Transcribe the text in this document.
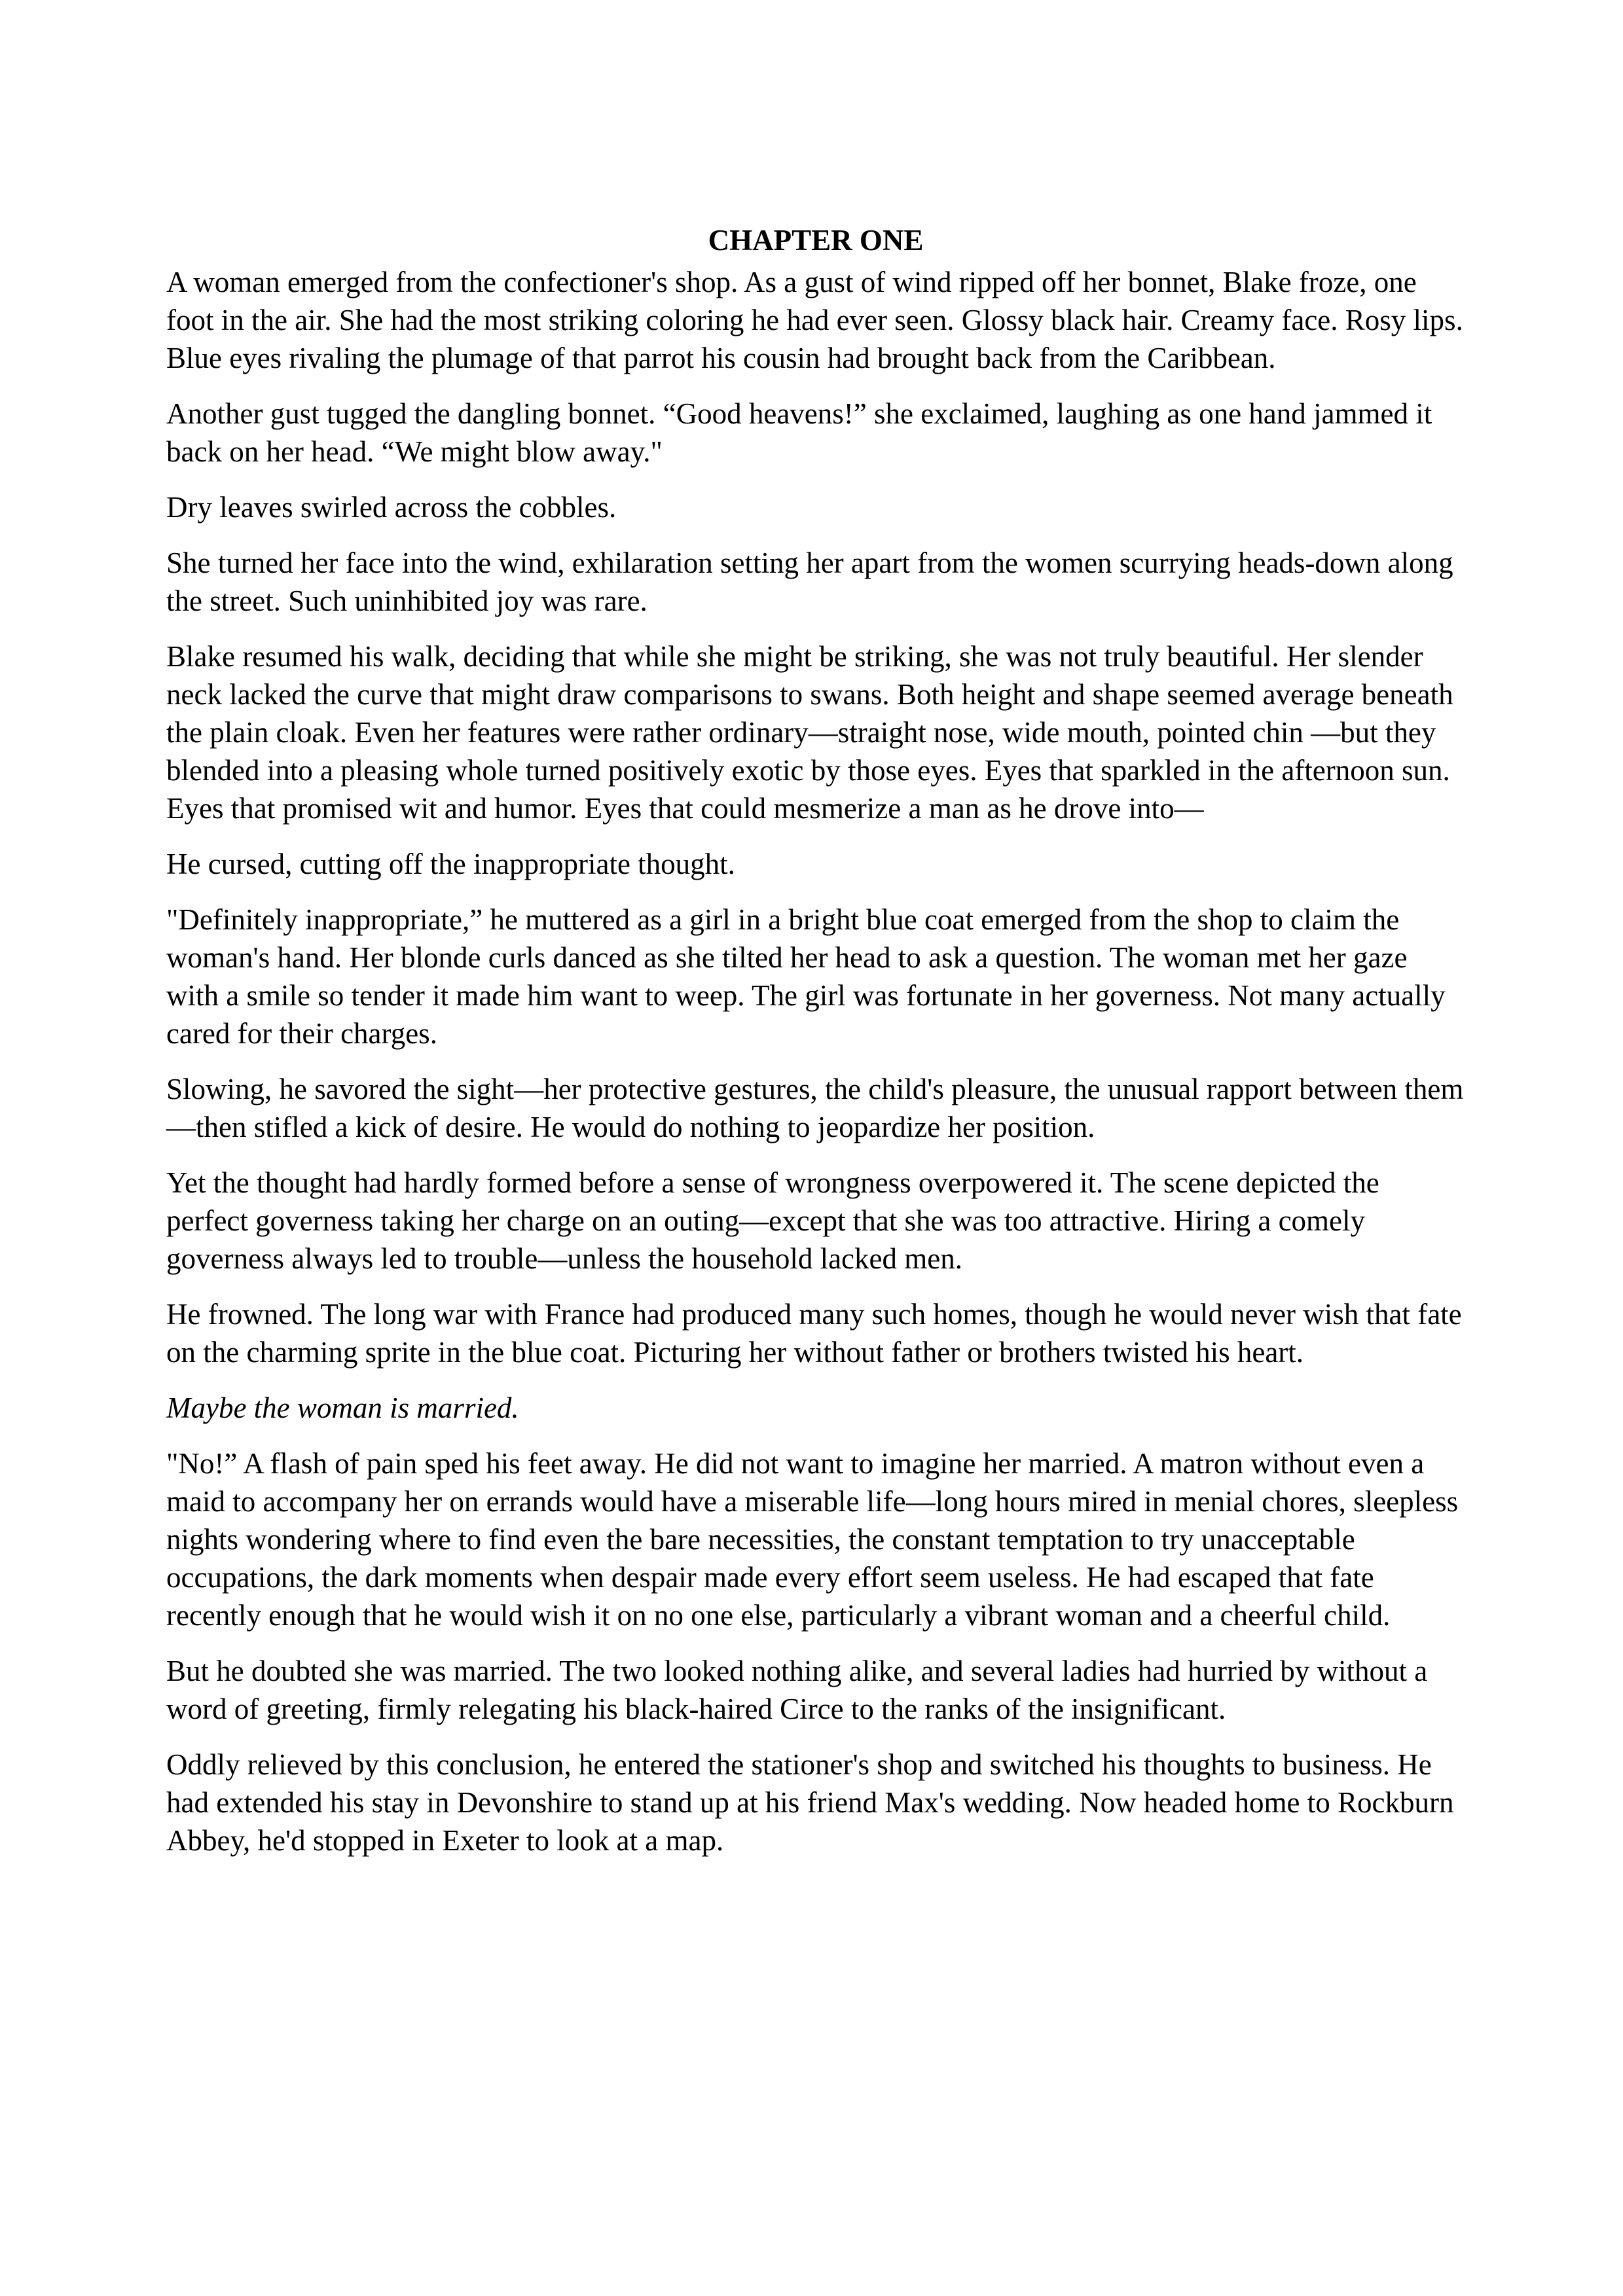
CHAPTER ONE

A woman emerged from the confectioner's shop. As a gust of wind ripped off her bonnet, Blake froze, one foot in the air. She had the most striking coloring he had ever seen. Glossy black hair. Creamy face. Rosy lips. Blue eyes rivaling the plumage of that parrot his cousin had brought back from the Caribbean.

Another gust tugged the dangling bonnet. “Good heavens!” she exclaimed, laughing as one hand jammed it back on her head. “We might blow away."

Dry leaves swirled across the cobbles.

She turned her face into the wind, exhilaration setting her apart from the women scurrying heads-down along the street. Such uninhibited joy was rare.

Blake resumed his walk, deciding that while she might be striking, she was not truly beautiful. Her slender neck lacked the curve that might draw comparisons to swans. Both height and shape seemed average beneath the plain cloak. Even her features were rather ordinary—straight nose, wide mouth, pointed chin —but they blended into a pleasing whole turned positively exotic by those eyes. Eyes that sparkled in the afternoon sun. Eyes that promised wit and humor. Eyes that could mesmerize a man as he drove into—

He cursed, cutting off the inappropriate thought.

"Definitely inappropriate,” he muttered as a girl in a bright blue coat emerged from the shop to claim the woman's hand. Her blonde curls danced as she tilted her head to ask a question. The woman met her gaze with a smile so tender it made him want to weep. The girl was fortunate in her governess. Not many actually cared for their charges.

Slowing, he savored the sight—her protective gestures, the child's pleasure, the unusual rapport between them—then stifled a kick of desire. He would do nothing to jeopardize her position.

Yet the thought had hardly formed before a sense of wrongness overpowered it. The scene depicted the perfect governess taking her charge on an outing—except that she was too attractive. Hiring a comely governess always led to trouble—unless the household lacked men.

He frowned. The long war with France had produced many such homes, though he would never wish that fate on the charming sprite in the blue coat. Picturing her without father or brothers twisted his heart.

Maybe the woman is married.

"No!” A flash of pain sped his feet away. He did not want to imagine her married. A matron without even a maid to accompany her on errands would have a miserable life—long hours mired in menial chores, sleepless nights wondering where to find even the bare necessities, the constant temptation to try unacceptable occupations, the dark moments when despair made every effort seem useless. He had escaped that fate recently enough that he would wish it on no one else, particularly a vibrant woman and a cheerful child.

But he doubted she was married. The two looked nothing alike, and several ladies had hurried by without a word of greeting, firmly relegating his black-haired Circe to the ranks of the insignificant.

Oddly relieved by this conclusion, he entered the stationer's shop and switched his thoughts to business. He had extended his stay in Devonshire to stand up at his friend Max's wedding. Now headed home to Rockburn Abbey, he'd stopped in Exeter to look at a map.
